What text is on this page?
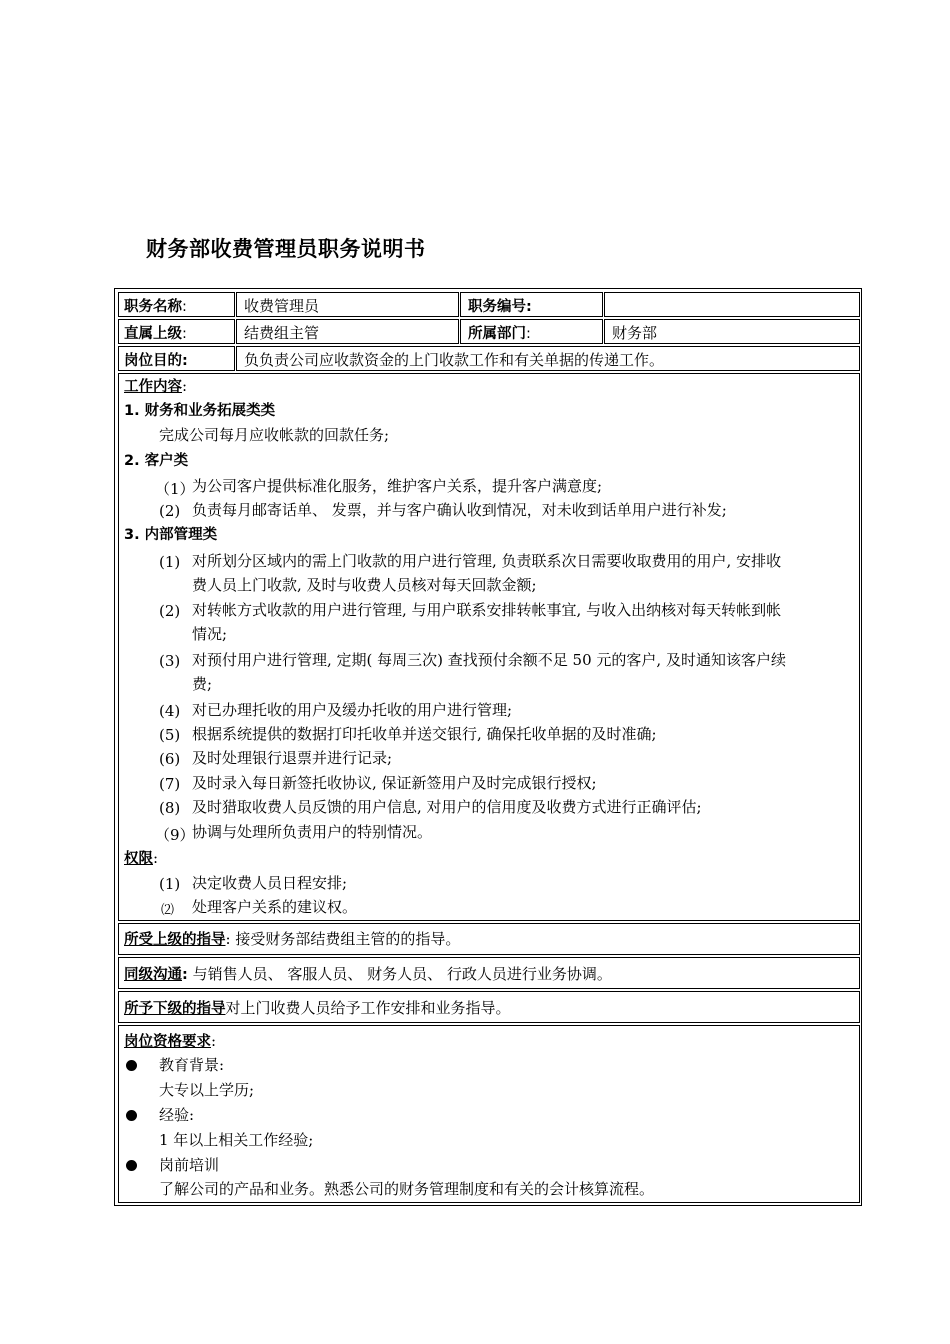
财务部收费管理员职务说明书
职务名称:	收费管理员	职务编号:
直属上级:	结费组主管	所属部门:	财务部
岗位目的:	负负责公司应收款资金的上门收款工作和有关单据的传递工作。
工作内容:
1. 财务和业务拓展类类
完成公司每月应收帐款的回款任务;
2. 客户类
（1）
为公司客户提供标准化服务，维护客户关系，提升客户满意度;
(2) 负责每月邮寄话单、 发票，并与客户确认收到情况，对未收到话单用户进行补发;
3. 内部管理类
(1) 对所划分区域内的需上门收款的用户进行管理, 负责联系次日需要收取费用的用户, 安排收
费人员上门收款, 及时与收费人员核对每天回款金额;
(2) 对转帐方式收款的用户进行管理, 与用户联系安排转帐事宜, 与收入出纳核对每天转帐到帐
情况;
(3) 对预付用户进行管理, 定期( 每周三次) 查找预付余额不足 50 元的客户, 及时通知该客户续
费;
(4) 对已办理托收的用户及缓办托收的用户进行管理;
(5) 根据系统提供的数据打印托收单并送交银行, 确保托收单据的及时准确;
(6) 及时处理银行退票并进行记录;
(7) 及时录入每日新签托收协议, 保证新签用户及时完成银行授权;
(8) 及时猎取收费人员反馈的用户信息, 对用户的信用度及收费方式进行正确评估;
（9）
协调与处理所负责用户的特别情况。
权限:
(1) 决定收费人员日程安排;
⑵ 处理客户关系的建议权。
所受上级的指导: 接受财务部结费组主管的的指导。
同级沟通: 与销售人员、 客服人员、 财务人员、 行政人员进行业务协调。
所予下级的指导对上门收费人员给予工作安排和业务指导。
岗位资格要求:
教育背景:
大专以上学历;
经验:
1 年以上相关工作经验;
岗前培训
了解公司的产品和业务。熟悉公司的财务管理制度和有关的会计核算流程。
